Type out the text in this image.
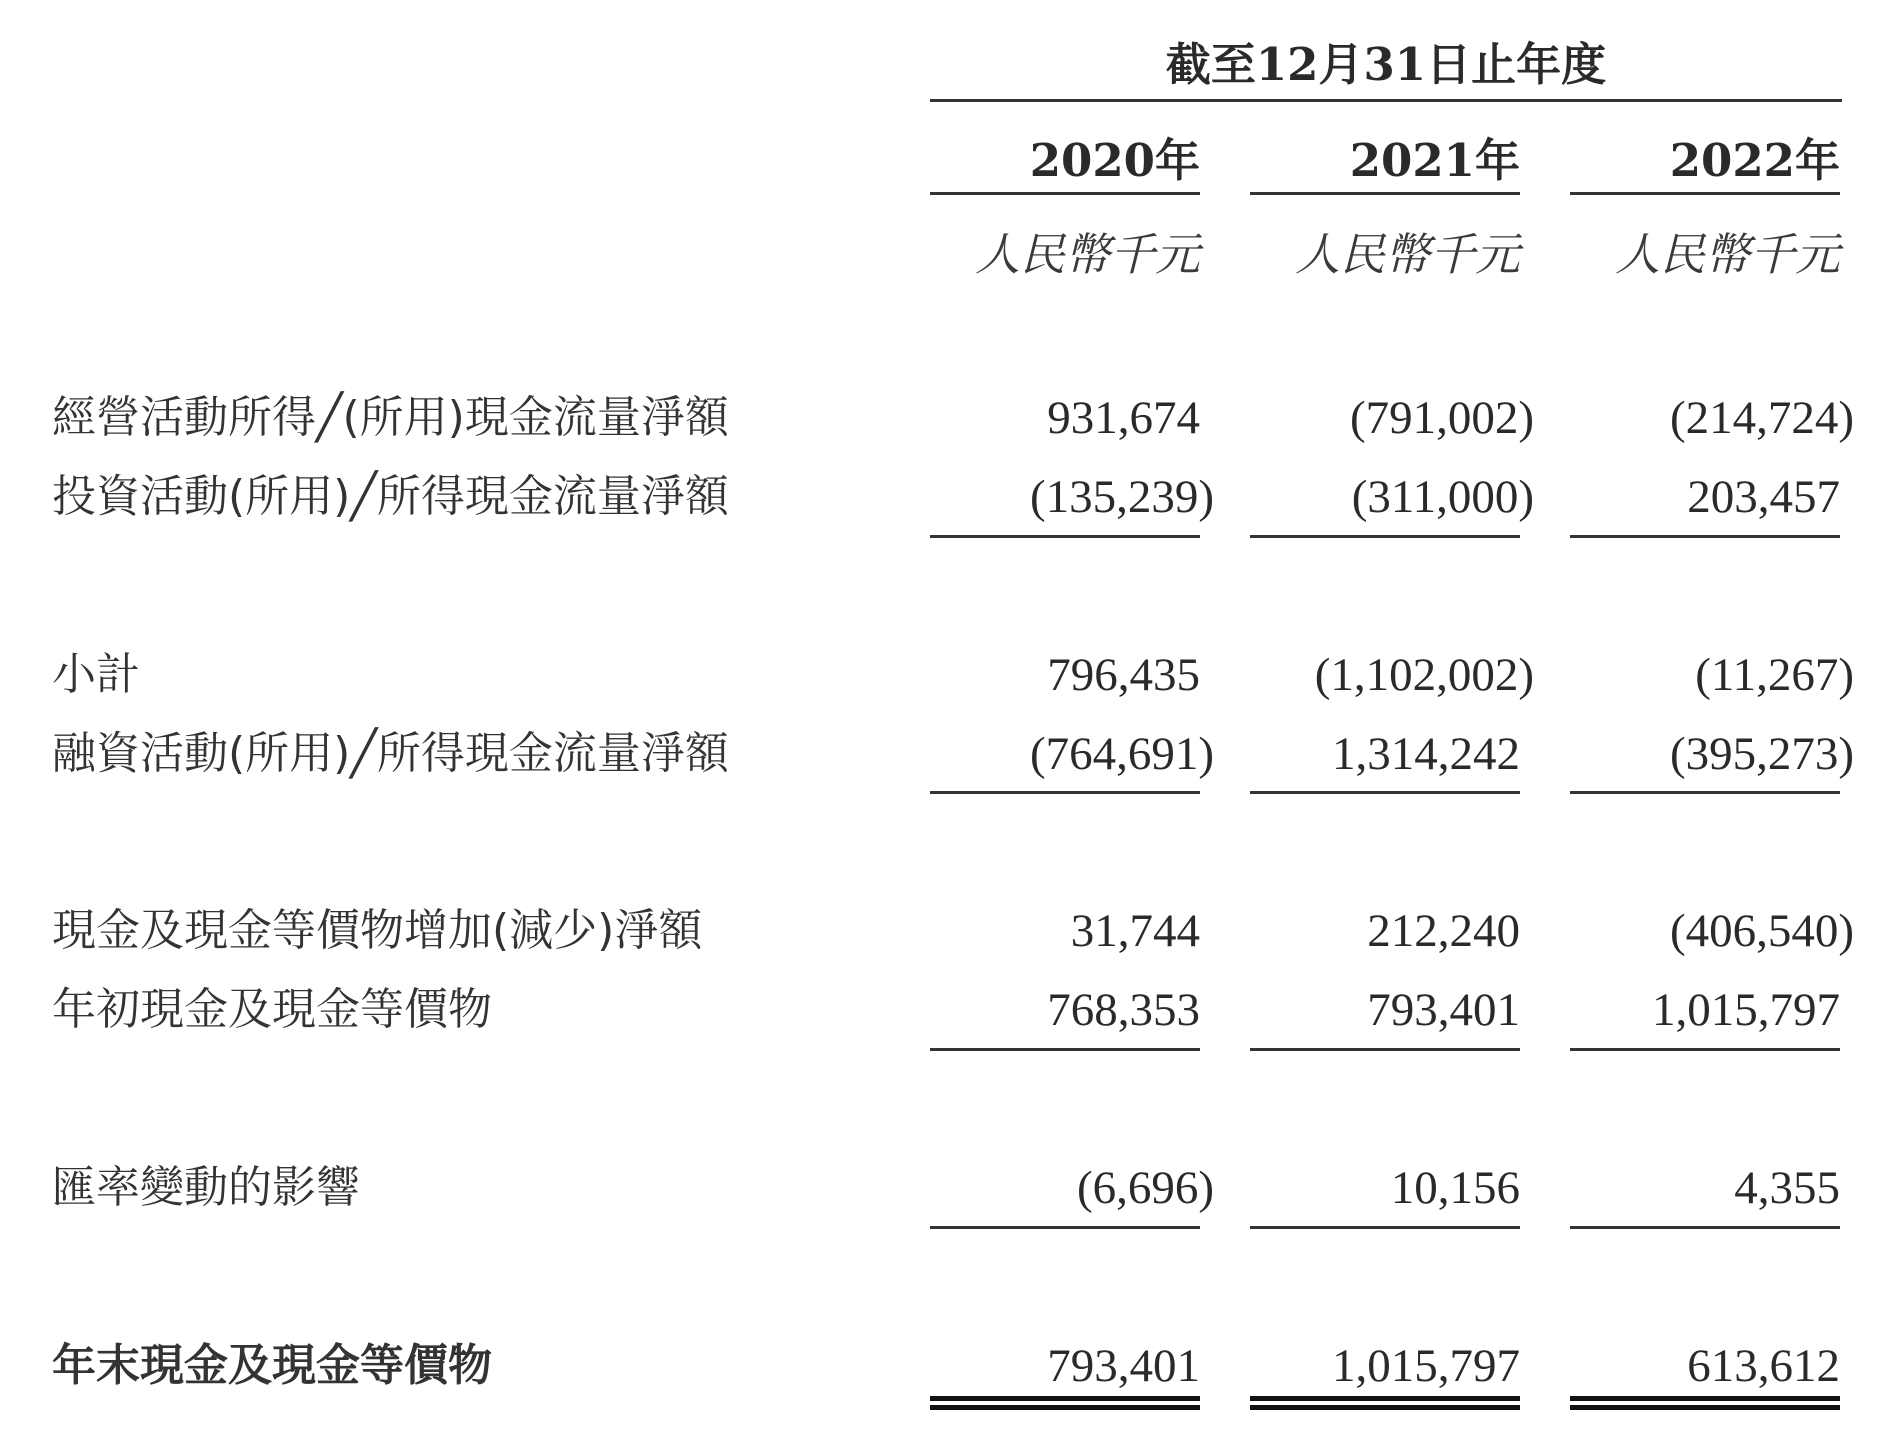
截至12月31日止年度
2020年	2021年	2022年
人民幣千元	人民幣千元	人民幣千元
經營活動所得╱(所用)現金流量淨額	931,674	(791,002)	(214,724)
投資活動(所用)╱所得現金流量淨額	(135,239)	(311,000)	203,457
小計	796,435	(1,102,002)	(11,267)
融資活動(所用)╱所得現金流量淨額	(764,691)	1,314,242	(395,273)
現金及現金等價物增加(減少)淨額	31,744	212,240	(406,540)
年初現金及現金等價物	768,353	793,401	1,015,797
匯率變動的影響	(6,696)	10,156	4,355
年末現金及現金等價物	793,401	1,015,797	613,612
